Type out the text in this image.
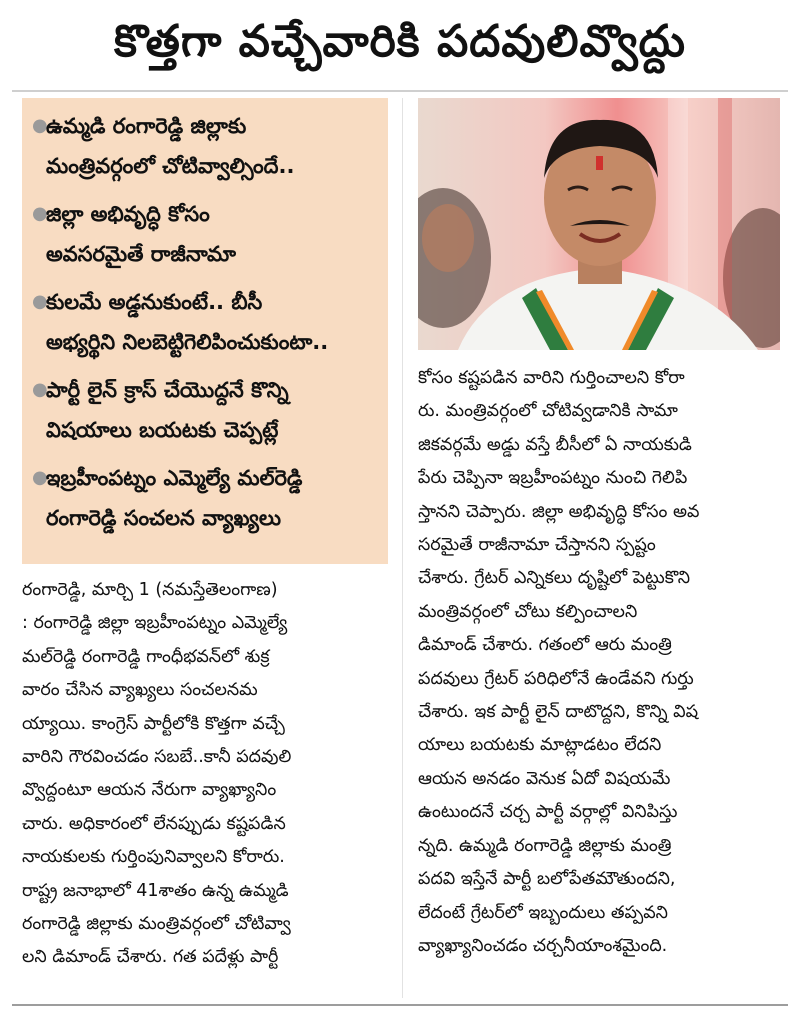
కొత్తగా వచ్చేవారికి పదవులివ్వొద్దు
●
ఉమ్మడి రంగారెడ్డి జిల్లాకు
మంత్రివర్గంలో చోటివ్వాల్సిందే..
●
జిల్లా అభివృద్ధి కోసం
అవసరమైతే రాజీనామా
●
కులమే అడ్డనుకుంటే.. బీసీ
అభ్యర్థిని నిలబెట్టిగెలిపించుకుంటా..
●
పార్టీ లైన్ క్రాస్ చేయొద్దనే కొన్ని
విషయాలు బయటకు చెప్పట్లే
●
ఇబ్రహీంపట్నం ఎమ్మెల్యే మల్‌రెడ్డి
రంగారెడ్డి సంచలన వ్యాఖ్యలు
రంగారెడ్డి, మార్చి 1 (నమస్తేతెలంగాణ)
: రంగారెడ్డి జిల్లా ఇబ్రహీంపట్నం ఎమ్మెల్యే
మల్‌రెడ్డి రంగారెడ్డి గాంధీభవన్‌లో శుక్ర
వారం చేసిన వ్యాఖ్యలు సంచలనమ
య్యాయి. కాంగ్రెస్ పార్టీలోకి కొత్తగా వచ్చే
వారిని గౌరవించడం సబబే..కానీ పదవులి
వ్వొద్దంటూ ఆయన నేరుగా వ్యాఖ్యానిం
చారు. అధికారంలో లేనప్పుడు కష్టపడిన
నాయకులకు గుర్తింపునివ్వాలని కోరారు.
రాష్ట్ర జనాభాలో 41శాతం ఉన్న ఉమ్మడి
రంగారెడ్డి జిల్లాకు మంత్రివర్గంలో చోటివ్వా
లని డిమాండ్ చేశారు. గత పదేళ్లు పార్టీ
కోసం కష్టపడిన వారిని గుర్తించాలని కోరా
రు. మంత్రివర్గంలో చోటివ్వడానికి సామా
జికవర్గమే అడ్డు వస్తే బీసీలో ఏ నాయకుడి
పేరు చెప్పినా ఇబ్రహీంపట్నం నుంచి గెలిపి
స్తానని చెప్పారు. జిల్లా అభివృద్ధి కోసం అవ
సరమైతే రాజీనామా చేస్తానని స్పష్టం
చేశారు. గ్రేటర్ ఎన్నికలు దృష్టిలో పెట్టుకొని
మంత్రివర్గంలో చోటు కల్పించాలని
డిమాండ్ చేశారు. గతంలో ఆరు మంత్రి
పదవులు గ్రేటర్ పరిధిలోనే ఉండేవని గుర్తు
చేశారు. ఇక పార్టీ లైన్ దాటొద్దని, కొన్ని విష
యాలు బయటకు మాట్లాడటం లేదని
ఆయన అనడం వెనుక ఏదో విషయమే
ఉంటుందనే చర్చ పార్టీ వర్గాల్లో వినిపిస్తు
న్నది. ఉమ్మడి రంగారెడ్డి జిల్లాకు మంత్రి
పదవి ఇస్తేనే పార్టీ బలోపేతమౌతుందని,
లేదంటే గ్రేటర్‌లో ఇబ్బందులు తప్పవని
వ్యాఖ్యానించడం చర్చనీయాంశమైంది.
